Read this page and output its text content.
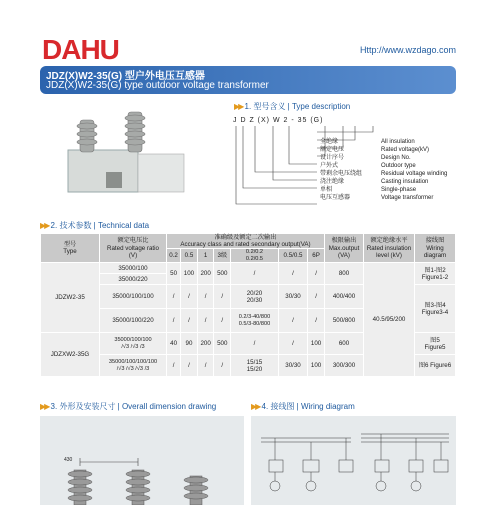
DAHU	Http://www.wzdago.com
JDZ(X)W2-35(G) 型户外电压互感器
JDZ(X)W2-35(G) type outdoor voltage transformer
▶▶ 1. 型号含义 | Type description
J D Z (X) W 2 - 35 (G)
全绝缘
额定电压
设计序号
户外式
带剩余电压绕组
浇注绝缘
单相
电压互感器
All insulation
Rated voltage(kV)
Design No.
Outdoor type
Residual voltage winding
Casting insulation
Single-phase
Voltage transformer
▶▶ 2. 技术参数 | Technical data
型号
Type	额定电压比
Rated voltage ratio
(V)	准确级及额定二次输出
Accuracy class and rated secondary output(VA)							极限输出
Max.output
(VA)	额定绝缘水平
Rated insulation
level (kV)	接线图
Wiring
diagram
		0.2	0.5	1	3级	0.2/0.2
0.2/0.5	0.5/0.5	6P			
JDZW2-35	35000/100	50	100	200	500	/	/	/	800	40.5/95/200	图1-图2
Figure1-2
	35000/220										
	35000/100/100	/	/	/	/	20/20
20/30	30/30	/	400/400		图3-图4
Figure3-4
	35000/100/220	/	/	/	/	0.2/3-40/800
0.5/3-80/800	/	/	500/800		
JDZXW2-35G	35000/100/100
/√3 /√3 /3	40	90	200	500	/	/	100	600		图5
Figure5
	35000/100/100/100
/√3 /√3 /√3 /3	/	/	/	/	15/15
15/20	30/30	100	300/300		图6 Figure6
▶▶ 3. 外形及安装尺寸 | Overall dimension drawing	▶▶ 4. 接线图 | Wiring diagram
430
